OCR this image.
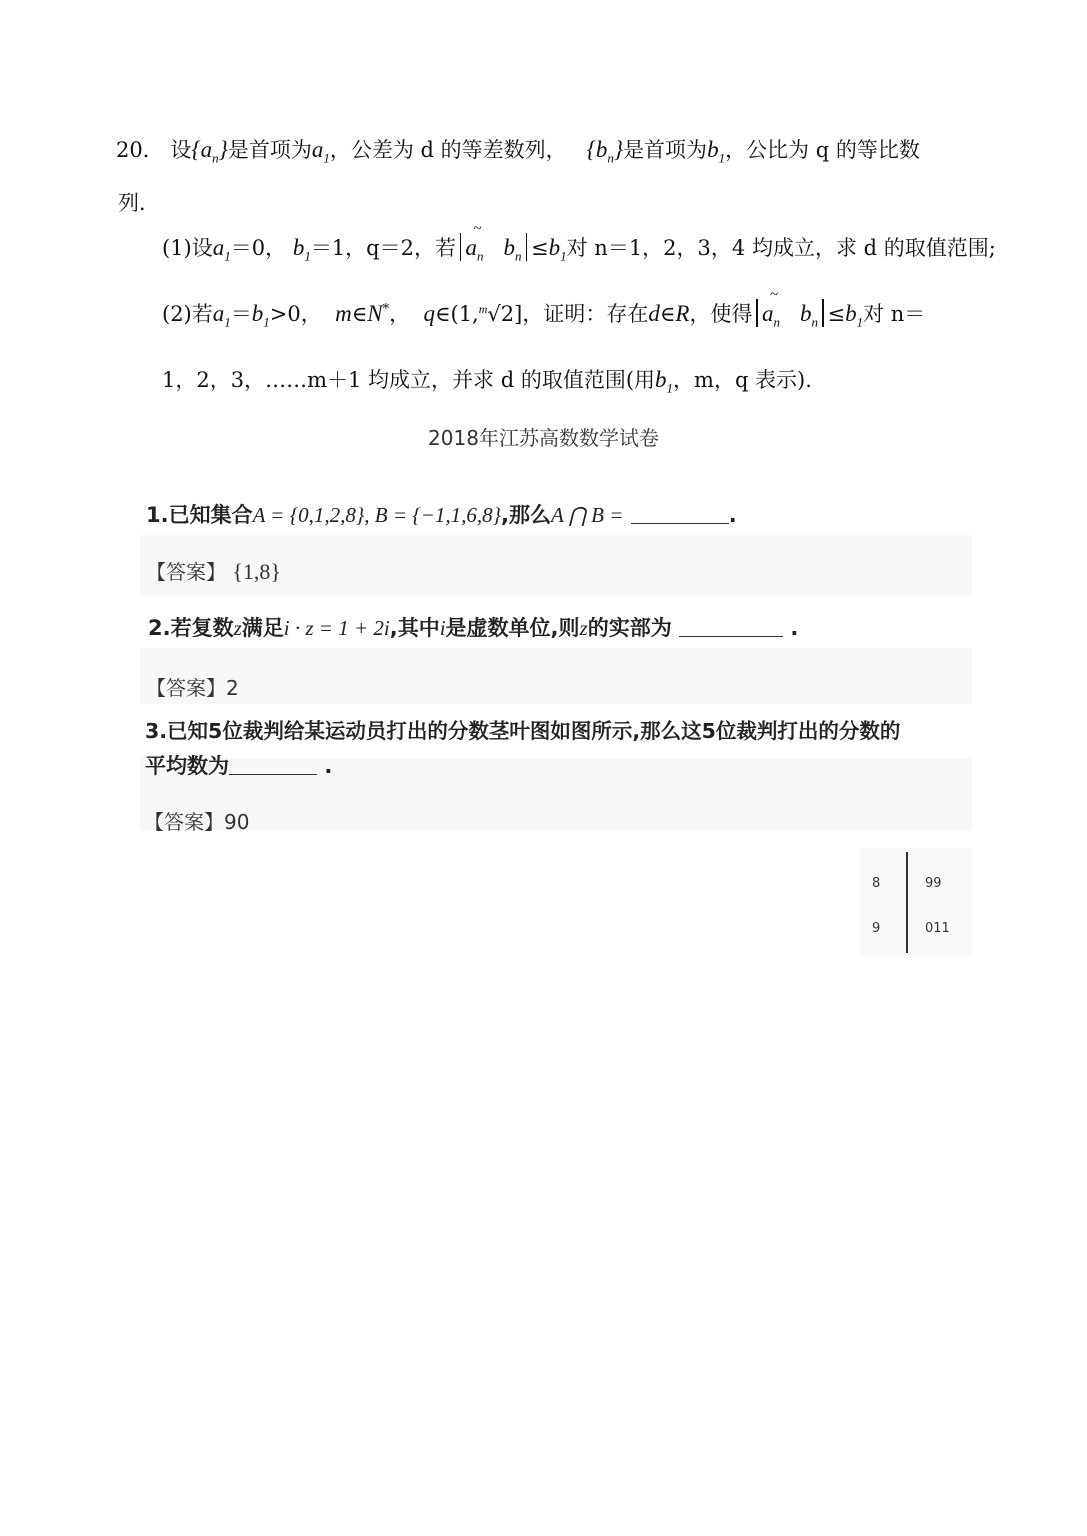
20． 设$\{a_n\}$是首项为$a_1$，公差为 d 的等差数列， $\{b_n\}$是首项为$b_1$，公比为 q 的等比数
列．
(1)设$a_1=0$， $b_1=1$，q＝2，若 ~ $a_n$ $b_n \le b_1$对 n＝1，2，3，4 均成立，求 d 的取值范围;
(2)若$a_1=b_1>0$， m∈N*，  q∈(1,$^m$√2]，证明：存在d∈R，使得 ~ $a_n$ $b_n \le b_1$对 n＝
1，2，3，……m＋1 均成立，并求 d 的取值范围(用$b_1$，m，q 表示).
2018年江苏高数数学试卷
1.已知集合A = {0,1,2,8}, B = {−1,1,6,8},那么A ⋂ B =	.
【答案】 {1,8}
2.若复数z满足i · z = 1 + 2i,其中i是虚数单位,则z的实部为	.
【答案】2
3.已知5位裁判给某运动员打出的分数茎叶图如图所示,那么这5位裁判打出的分数的
平均数为	.
【答案】90
8	99
9	011
